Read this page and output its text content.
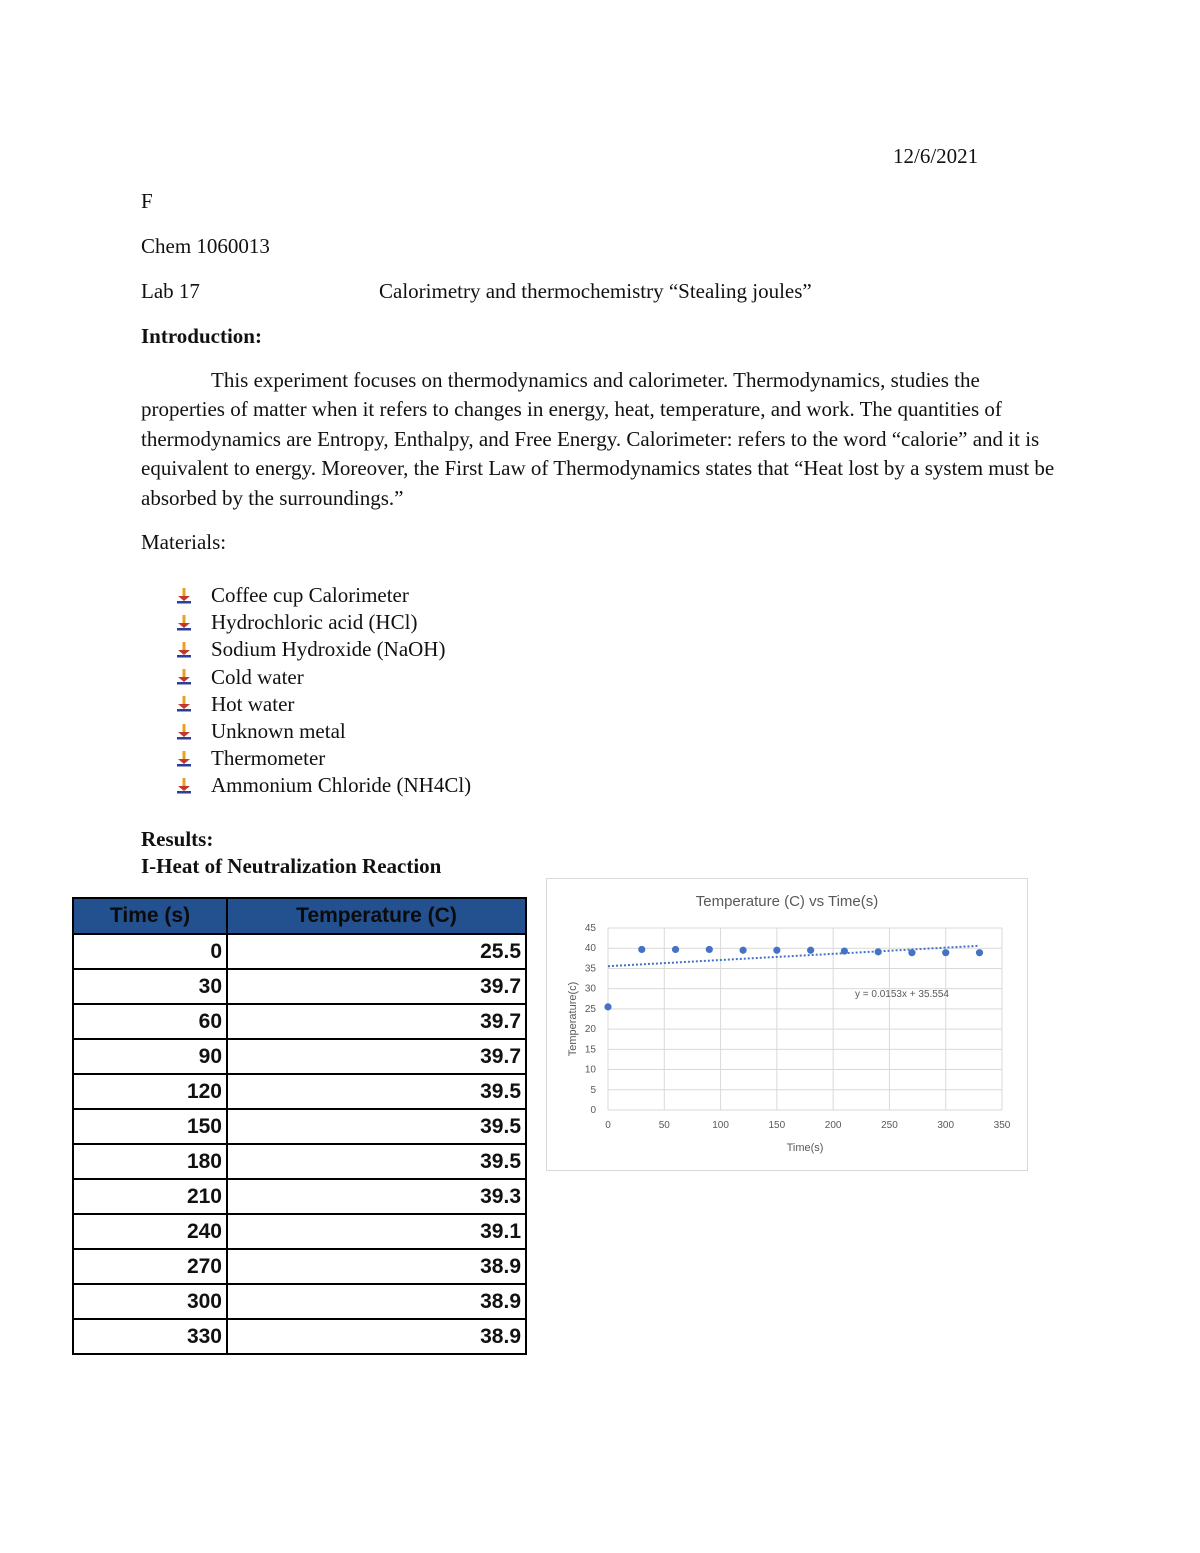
12/6/2021
F
Chem 1060013
Lab 17	Calorimetry and thermochemistry “Stealing joules”
Introduction:
This experiment focuses on thermodynamics and calorimeter. Thermodynamics, studies the properties of matter when it refers to changes in energy, heat, temperature, and work. The quantities of thermodynamics are Entropy, Enthalpy, and Free Energy. Calorimeter: refers to the word “calorie” and it is equivalent to energy. Moreover, the First Law of Thermodynamics states that “Heat lost by a system must be absorbed by the surroundings.”
Materials:
Coffee cup Calorimeter
Hydrochloric acid (HCl)
Sodium Hydroxide (NaOH)
Cold water
Hot water
Unknown metal
Thermometer
Ammonium Chloride (NH4Cl)
Results:
I-Heat of Neutralization Reaction
Time (s)	Temperature (C)
0	25.5
30	39.7
60	39.7
90	39.7
120	39.5
150	39.5
180	39.5
210	39.3
240	39.1
270	38.9
300	38.9
330	38.9
Temperature (C) vs Time(s)
0
5
10
15
20
25
30
35
40
45
0	50	100	150	200	250	300	350
Time(s)
Temperature(c)	y = 0.0153x + 35.554
